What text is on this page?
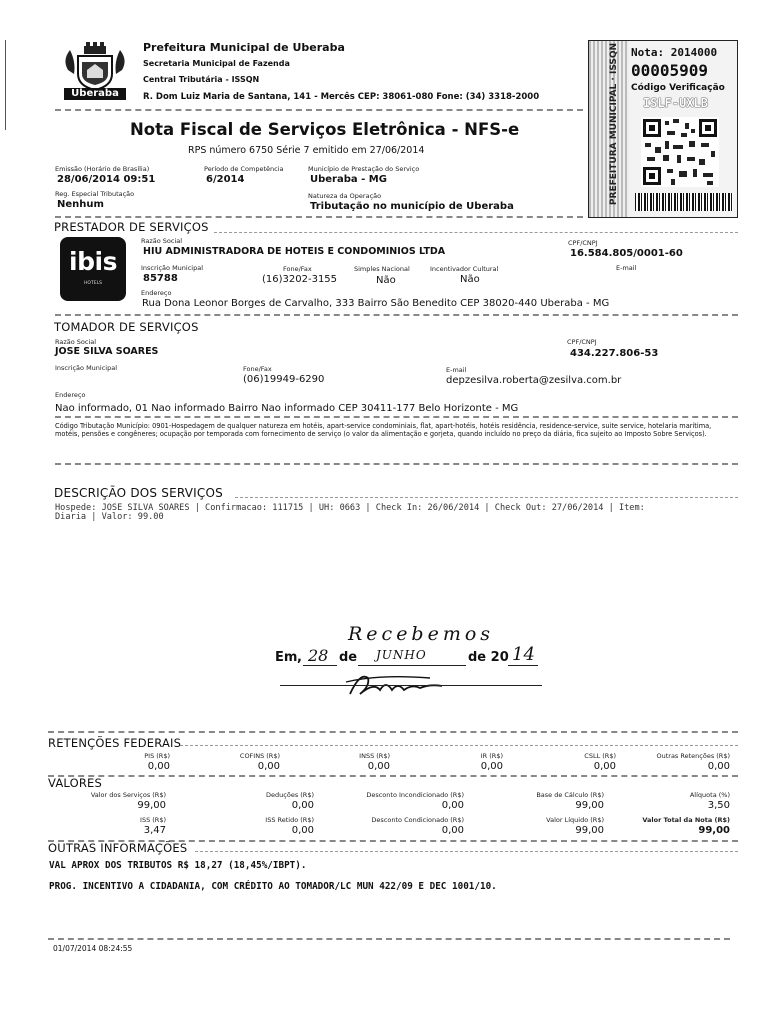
Uberaba
Prefeitura Municipal de Uberaba
Secretaria Municipal de Fazenda
Central Tributária - ISSQN
R. Dom Luiz Maria de Santana, 141 - Mercês CEP: 38061-080 Fone: (34) 3318-2000	PREFEITURA MUNICIPAL · ISSQN Nota: 2014000
00005909
Código Verificação
ISLF-UXLB
Nota Fiscal de Serviços Eletrônica - NFS-e
RPS número 6750 Série 7 emitido em 27/06/2014
Emissão (Horário de Brasília)
28/06/2014 09:51
Período de Competência
6/2014
Município de Prestação do Serviço
Uberaba - MG
Reg. Especial Tributação
Nenhum
Natureza da Operação
Tributação no município de Uberaba
PRESTADOR DE SERVIÇOS
ibis
HOTELS
Razão Social
HIU ADMINISTRADORA DE HOTEIS E CONDOMINIOS LTDA
CPF/CNPJ
16.584.805/0001-60
Inscrição Municipal
85788
Fone/Fax
(16)3202-3155
Simples Nacional
Não
Incentivador Cultural
Não
E-mail
Endereço
Rua Dona Leonor Borges de Carvalho, 333 Bairro São Benedito CEP 38020-440 Uberaba - MG
TOMADOR DE SERVIÇOS
Razão Social
JOSE SILVA SOARES
CPF/CNPJ
434.227.806-53
Inscrição Municipal	Fone/Fax
(06)19949-6290
E-mail
depzesilva.roberta@zesilva.com.br
Endereço
Nao informado, 01 Nao informado Bairro Nao informado CEP 30411-177 Belo Horizonte - MG
Código Tributação Município: 0901-Hospedagem de qualquer natureza em hotéis, apart-service condominiais, flat, apart-hotéis, hotéis residência, residence-service, suite service, hotelaria marítima, motéis, pensões e congêneres; ocupação por temporada com fornecimento de serviço (o valor da alimentação e gorjeta, quando incluído no preço da diária, fica sujeito ao Imposto Sobre Serviços).
DESCRIÇÃO DOS SERVIÇOS
Hospede: JOSE SILVA SOARES | Confirmacao: 111715 | UH: 0663 | Check In: 26/06/2014 | Check Out: 27/06/2014 | Item:
Diaria | Valor: 99.00
Recebemos
Em , 28 de JUNHO	de 20 14
RETENÇÕES FEDERAIS
PIS (R$)
0,00
COFINS (R$)
0,00
INSS (R$)
0,00
IR (R$)
0,00
CSLL (R$)
0,00
Outras Retenções (R$)
0,00
VALORES
Valor dos Serviços (R$)
99,00
Deduções (R$)
0,00
Desconto Incondicionado (R$)
0,00
Base de Cálculo (R$)
99,00
Alíquota (%)
3,50
ISS (R$)
3,47
ISS Retido (R$)
0,00
Desconto Condicionado (R$)
0,00
Valor Líquido (R$)
99,00
Valor Total da Nota (R$)
99,00
OUTRAS INFORMAÇÕES
VAL APROX DOS TRIBUTOS R$ 18,27 (18,45%/IBPT).
PROG. INCENTIVO A CIDADANIA, COM CRÉDITO AO TOMADOR/LC MUN 422/09 E DEC 1001/10.
01/07/2014 08:24:55
